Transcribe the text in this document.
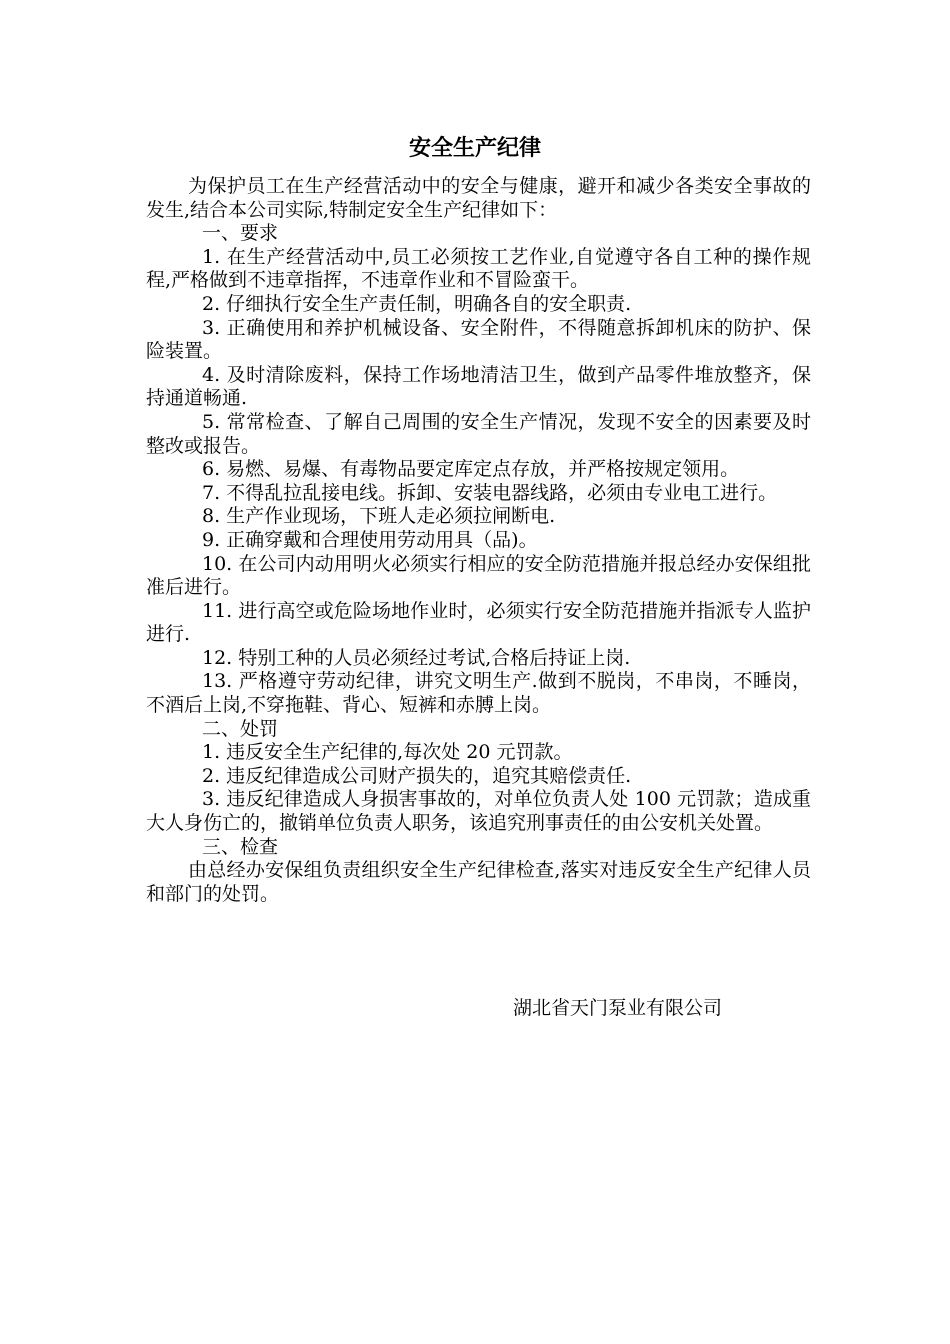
安全生产纪律

为保护员工在生产经营活动中的安全与健康，避开和减少各类安全事故的发生,结合本公司实际,特制定安全生产纪律如下：

一、要求

1. 在生产经营活动中,员工必须按工艺作业,自觉遵守各自工种的操作规程,严格做到不违章指挥，不违章作业和不冒险蛮干。

2. 仔细执行安全生产责任制，明确各自的安全职责.

3. 正确使用和养护机械设备、安全附件，不得随意拆卸机床的防护、保险装置。

4. 及时清除废料，保持工作场地清洁卫生，做到产品零件堆放整齐，保持通道畅通.

5. 常常检查、了解自己周围的安全生产情况，发现不安全的因素要及时整改或报告。

6. 易燃、易爆、有毒物品要定库定点存放，并严格按规定领用。

7. 不得乱拉乱接电线。拆卸、安装电器线路，必须由专业电工进行。

8. 生产作业现场，下班人走必须拉闸断电.

9. 正确穿戴和合理使用劳动用具（品)。

10. 在公司内动用明火必须实行相应的安全防范措施并报总经办安保组批准后进行。

11. 进行高空或危险场地作业时，必须实行安全防范措施并指派专人监护进行.

12. 特别工种的人员必须经过考试,合格后持证上岗.

13. 严格遵守劳动纪律，讲究文明生产.做到不脱岗，不串岗，不睡岗，不酒后上岗,不穿拖鞋、背心、短裤和赤膊上岗。

二、处罚

1. 违反安全生产纪律的,每次处 20 元罚款。

2. 违反纪律造成公司财产损失的，追究其赔偿责任.

3. 违反纪律造成人身损害事故的，对单位负责人处 100 元罚款；造成重大人身伤亡的，撤销单位负责人职务，该追究刑事责任的由公安机关处置。

三、检查

由总经办安保组负责组织安全生产纪律检查,落实对违反安全生产纪律人员和部门的处罚。

湖北省天门泵业有限公司
